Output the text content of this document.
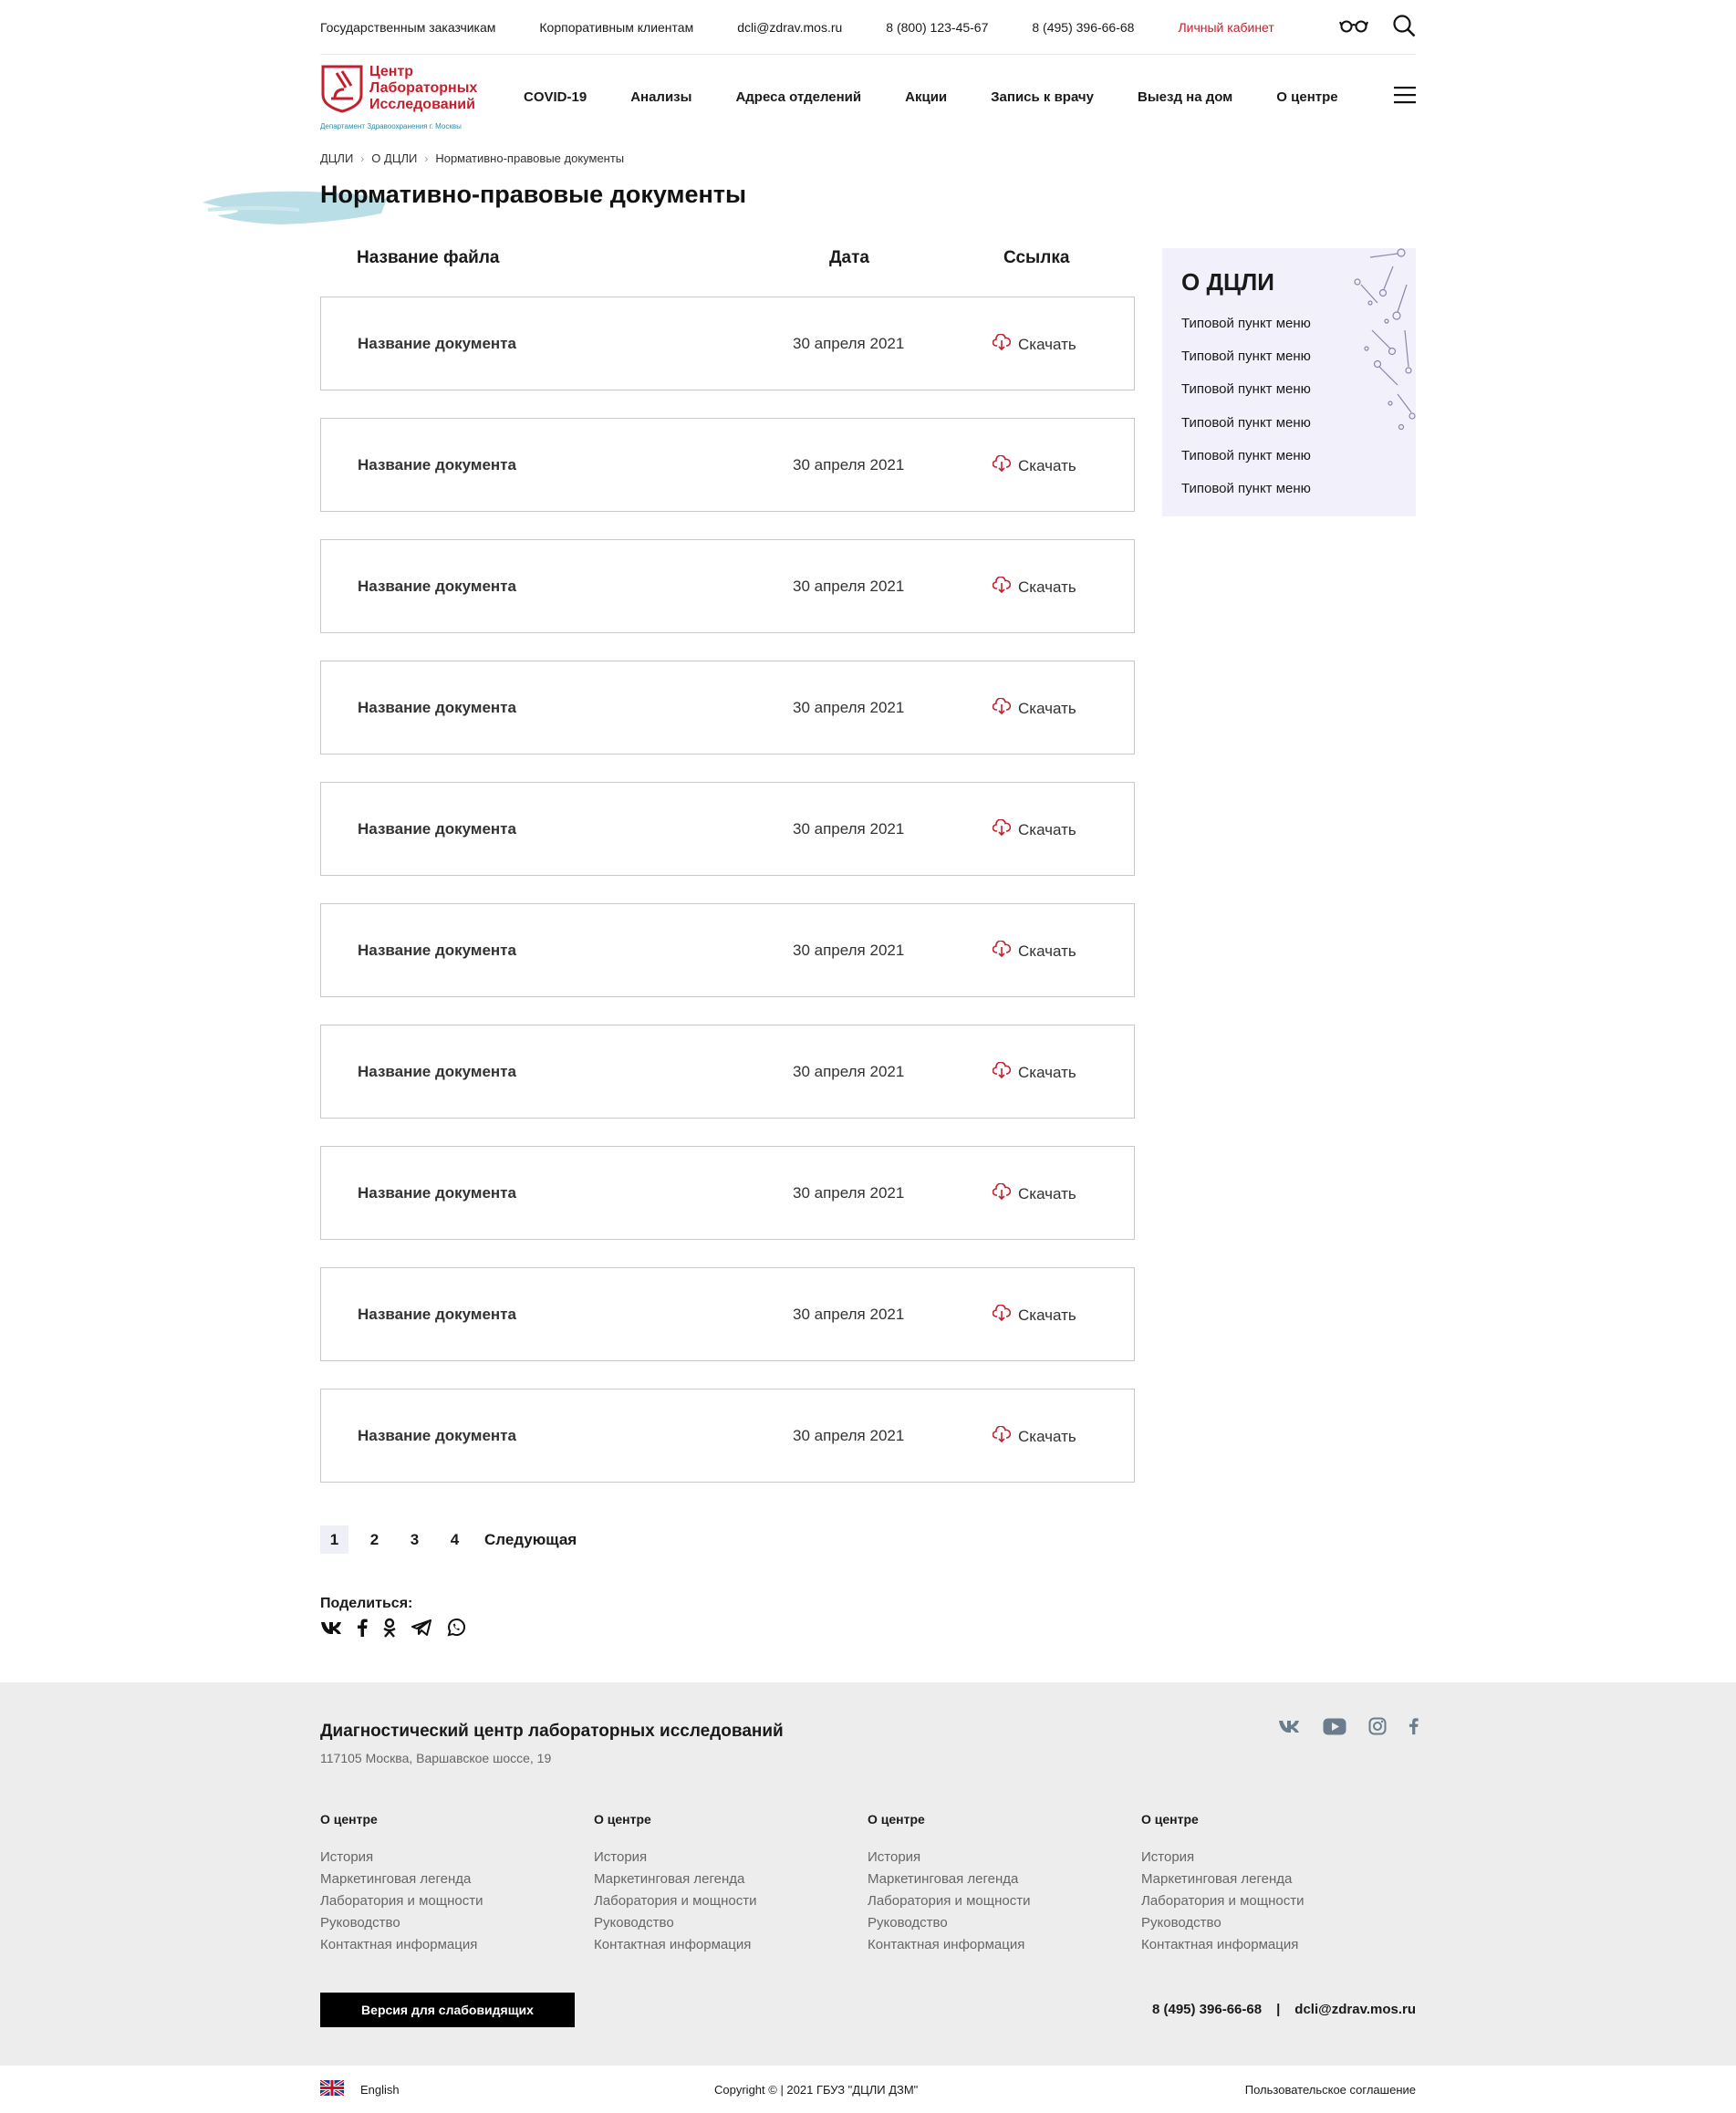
Государственным заказчикам	Корпоративным клиентам	dcli@zdrav.mos.ru	8 (800) 123-45-67	8 (495) 396-66-68	Личный кабинет
Центр
Лабораторных
Исследований
Департамент Здравоохранения г. Москвы
COVID-19	Анализы	Адреса отделений	Акции	Запись к врачу	Выезд на дом	О центре
ДЦЛИ › О ДЦЛИ › Нормативно-правовые документы
Нормативно-правовые документы
Название файла	Дата	Ссылка
Название документа	30 апреля 2021	Скачать
Название документа	30 апреля 2021	Скачать
Название документа	30 апреля 2021	Скачать
Название документа	30 апреля 2021	Скачать
Название документа	30 апреля 2021	Скачать
Название документа	30 апреля 2021	Скачать
Название документа	30 апреля 2021	Скачать
Название документа	30 апреля 2021	Скачать
Название документа	30 апреля 2021	Скачать
Название документа	30 апреля 2021	Скачать
1	2	3	4	Следующая
Поделиться:
О ДЦЛИ
Типовой пункт меню
Типовой пункт меню
Типовой пункт меню
Типовой пункт меню
Типовой пункт меню
Типовой пункт меню
Диагностический центр лабораторных исследований
117105 Москва, Варшавское шоссе, 19
О центре
История
Маркетинговая легенда
Лаборатория и мощности
Руководство
Контактная информация
О центре
История
Маркетинговая легенда
Лаборатория и мощности
Руководство
Контактная информация
О центре
История
Маркетинговая легенда
Лаборатория и мощности
Руководство
Контактная информация
О центре
История
Маркетинговая легенда
Лаборатория и мощности
Руководство
Контактная информация
Версия для слабовидящих	8 (495) 396-66-68 | dcli@zdrav.mos.ru
English	Copyright © | 2021 ГБУЗ "ДЦЛИ ДЗМ"	Пользовательское соглашение
